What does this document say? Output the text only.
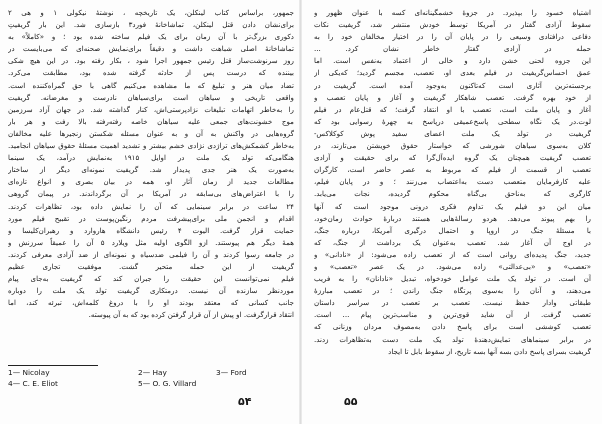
جمهور، براساس کتاب لینکلن، یک تاریخچه ، نوشتهٔ نیکولی ۱ و هی ۲
برای‌نشان دادن قتل لینکلن، تماشاخانهٔ فورد۳ بازسازی شد. این بار گریفیتِ
دکوری بزرگ‌تر با آن زمان برای یک فیلم ساخته شده بود ؛ و «کاملاً» به
تماشاخانهٔ اصلی شباهت داشت و دقیقاً برای‌نمایش صحنه‌ای که می‌بایست در
روز سرنوشت‌ساز قتل رئیس جمهور اجرا شود ، بکار رفته بود. در این هیچ شکی
بیننده که درست پس از حادثه گرفته شده بود، مطابقت می‌کرد.
تضاد میان هنر و تبلیغ که ما مشاهده می‌کنیم گاهی با حق گمراه‌کننده است.
واقعی تاریخی و سیاهان است برای‌سیاهان نادرست و مغرضانه. گریفیت
را به‌خاطر اتهامات تبلیغات نژادپرستی‌اش، کنار گذاشته شد. در جهان آزاد سرزمین
موج خشونت‌های جمعی علیه سیاهان خاصه رفته‌رفته بالا رفت و هر بار
گروه‌هایی در واکنش به آن و به عنوان مسئله شکستن زنجیرها علیه مخالفان
به‌خاطر کشمکش‌های تراژدی نژادی خشم بیشتر و تشدید اهمیت مسئلهٔ حقوق سیاهان انجامید.
هنگامی‌که تولد یک ملت در اوایل ۱۹۱۵ به‌نمایش درآمد، یک سینما
به‌صورت یک هنر جدی پدیدار شد. گریفیت نمونه‌ای دیگر از ساختار
مطالعات جدید از زمان آثار او، همه در بیان بصری و انواع تازه‌ای
را با اعتراض‌های بی‌سابقه در آمریکا بر آن برگرداندند. در پیمان گروهی
۲۴ ساعت در برابر سینمایی که آن را نمایش داده بود، تظاهرات کردند.
اقدام و انجمن ملی برای‌پیشرفت مردم رنگین‌پوست در تقبیح فیلم مورد
حمایت قرار گرفت. الیوت ۴ رئیس دانشگاه هاروارد و رهبران‌کلیسا و
همهٔ دیگر هم پیوستند. ازو الگوی اولیه مثل ویلارد ۵ آن را عمیقاً سرزنش و
در جامعه رسوا کردند و آن را فیلمی ضدسیاه و نمونه‌ای از ضد آزادی معرفی کردند.
گریفیت از این حمله متحیر گشت. موفقیت تجاری عظیم
فیلم نمی‌توانست این حقیقت را جبران کند که گریفیت به‌جای پیام
موردنظر سازنده آن نیست. درمتکاری گریفیت تولد یک ملت را دوباره
جانب کسانی که معتقد بودند او را با دروغ کلمه‌اش، تبرئه کند، اما
انتقاد قرارگرفت. او پیش از آن قرار گرفتن کرده بود که به آن پیوسته.
1— Nicolay	2— Hay	3— Ford
4— C. E. Eliot	5— O. G. Villard
۵۴
اشتیاه خسود را بپذیرد. در جزوهٔ خشمگینانه‌ای کسه با عنوان ظهور و
سقوط آزادی گفتار در آمریکا توسط خودش منتشر شد، گریفیت نکات
دفاعی درافتادی وسیعی را در پایان آن را در اختیار مخالفان خود را به
حمله در آزادی گفتار خاطر نشان کرد. ...
این جزوه لحنی خشن دارد و خالی از اعتماد به‌نفس است. اما
عمق احساس‌گریفیت در فیلم بعدی او، تعصب، مجسم گردید؛ که‌یکی از
برجسته‌ترین آثاری است که‌تاکنون به‌وجود آمده است. گریفیت در
از خود بهره گرفت. تعصب شاهکار گریفیت و آغاز و پایان تعصب و
آغاز و پایان ملت است، تعصب با او انتقاد گرفت؛ که‌ قتل‌عام در فیلم
لوت.در یک نگاه سطحی پاسخ‌عمیقی درپاسخ به چهرهٔ رسوایی بود که
گریفیت در تولد یک ملت اعضای سفید پوش کوکلاکس-
کلان به‌سوی سیاهان شورشی که خواستار حقوق خویشتن می‌تازند، در
تعصب گریفیت همچنان یک گروه ایده‌آل‌گرا که برای حقیقت و آزادی
تعصب از قسمت از فیلم که مربوط به عصر حاضر است، کارگران
علیه کارفرمایان متعصب دست به‌اعتصاب می‌زنند ؛ و در پایان فیلم،
کارگری که به‌ناحق بی‌گناه محکوم گردیده، نجات می‌یابد.
میان این دو فیلم یک تداوم فکری درونی موجود است که آنها
را بهم پیوند می‌دهد. هردو رسالهٔ‌هایی هستند درباره‌ٔ حوادث زمان‌خود،
با مسئلهٔ جنگ در اروپا و احتمال درگیری آمریکا، درباره جنگ،
در اوج آن آغاز شد. تعصب به‌عنوان یک برداشت از جنگ، که
جدید، جنگ پدیده‌ای روانی است که از تعصب زاده می‌شود: از «نادانی» و
«تعصب» و «بی‌عدالتی» زاده می‌شود. در یک عصر «تعصب» و
آن است. در تولد یک ملت عوامل خودخواه، تبدیل «نادانان» را به فریب
می‌دهند، و آنان را به‌سوی پرتگاه جنگ راندن ؛ در تعصب مبارزهٔ
طبقاتی وادار حفظ نیست. تعصب بر تعصب در سراسر داستان
تعصب گرفت. از آن شاید قوی‌ترین و مناسب‌ترین پیام ... است.
تعصب کوششی است برای پاسخ دادن به‌مصوف مردان وزنانی که
در برابر سینماهای تمایش‌دهندهٔ تولد یک ملت دست به‌تظاهرات زدند.
گریفیت بسرای پاسخ دادن بسه آنها بسه تاریخ، از سقوط بابل تا ایجاد
۵۵
